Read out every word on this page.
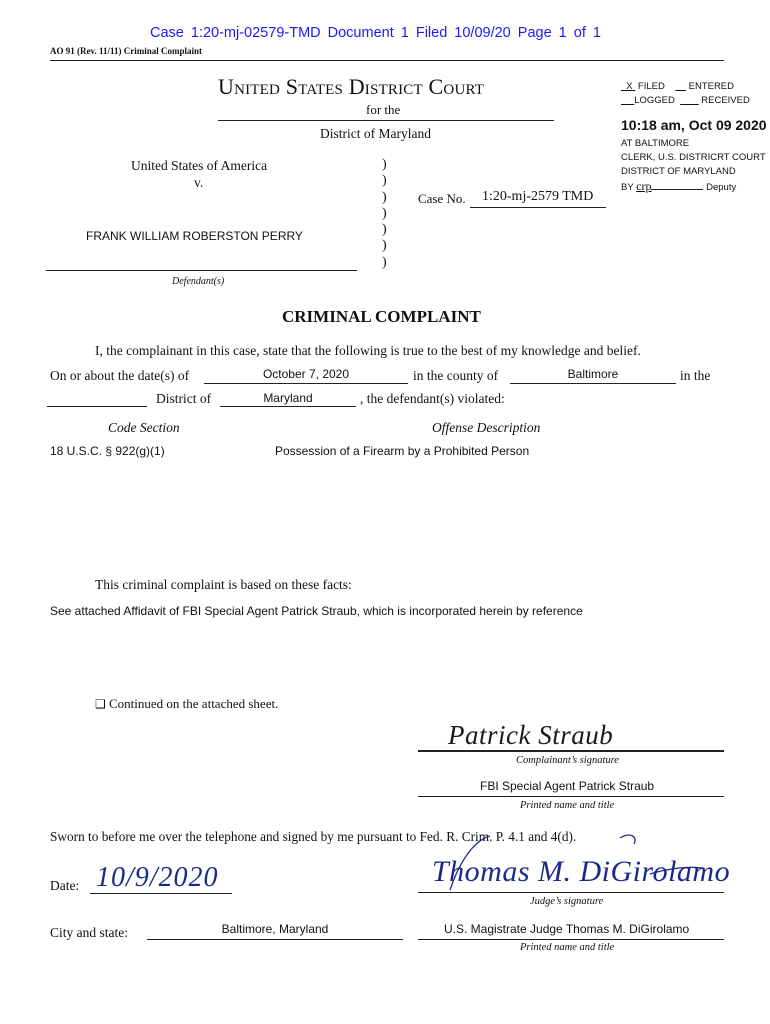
Case 1:20-mj-02579-TMD Document 1 Filed 10/09/20 Page 1 of 1
AO 91 (Rev. 11/11) Criminal Complaint
United States District Court
for the
District of Maryland
X FILED	ENTERED
LOGGED	RECEIVED
10:18 am, Oct 09 2020
AT BALTIMORE
CLERK, U.S. DISTRICRT COURT
DISTRICT OF MARYLAND
BY crp	Deputy
United States of America
v.
FRANK WILLIAM ROBERSTON PERRY
Defendant(s)
)
)
)
)
)
)
)
Case No. 1:20-mj-2579 TMD
CRIMINAL COMPLAINT
I, the complainant in this case, state that the following is true to the best of my knowledge and belief.
On or about the date(s) of	October 7, 2020	in the county of	Baltimore	in the
District of	Maryland	, the defendant(s) violated:
Code Section	Offense Description
18 U.S.C. § 922(g)(1)	Possession of a Firearm by a Prohibited Person
This criminal complaint is based on these facts:
See attached Affidavit of FBI Special Agent Patrick Straub, which is incorporated herein by reference
❑ Continued on the attached sheet.
Patrick Straub
Complainant’s signature
FBI Special Agent Patrick Straub
Printed name and title
Sworn to before me over the telephone and signed by me pursuant to Fed. R. Crim. P. 4.1 and 4(d).
Date: 10/9/2020	Thomas M. DiGirolamo
Judge’s signature
City and state:	Baltimore, Maryland	U.S. Magistrate Judge Thomas M. DiGirolamo
Printed name and title
